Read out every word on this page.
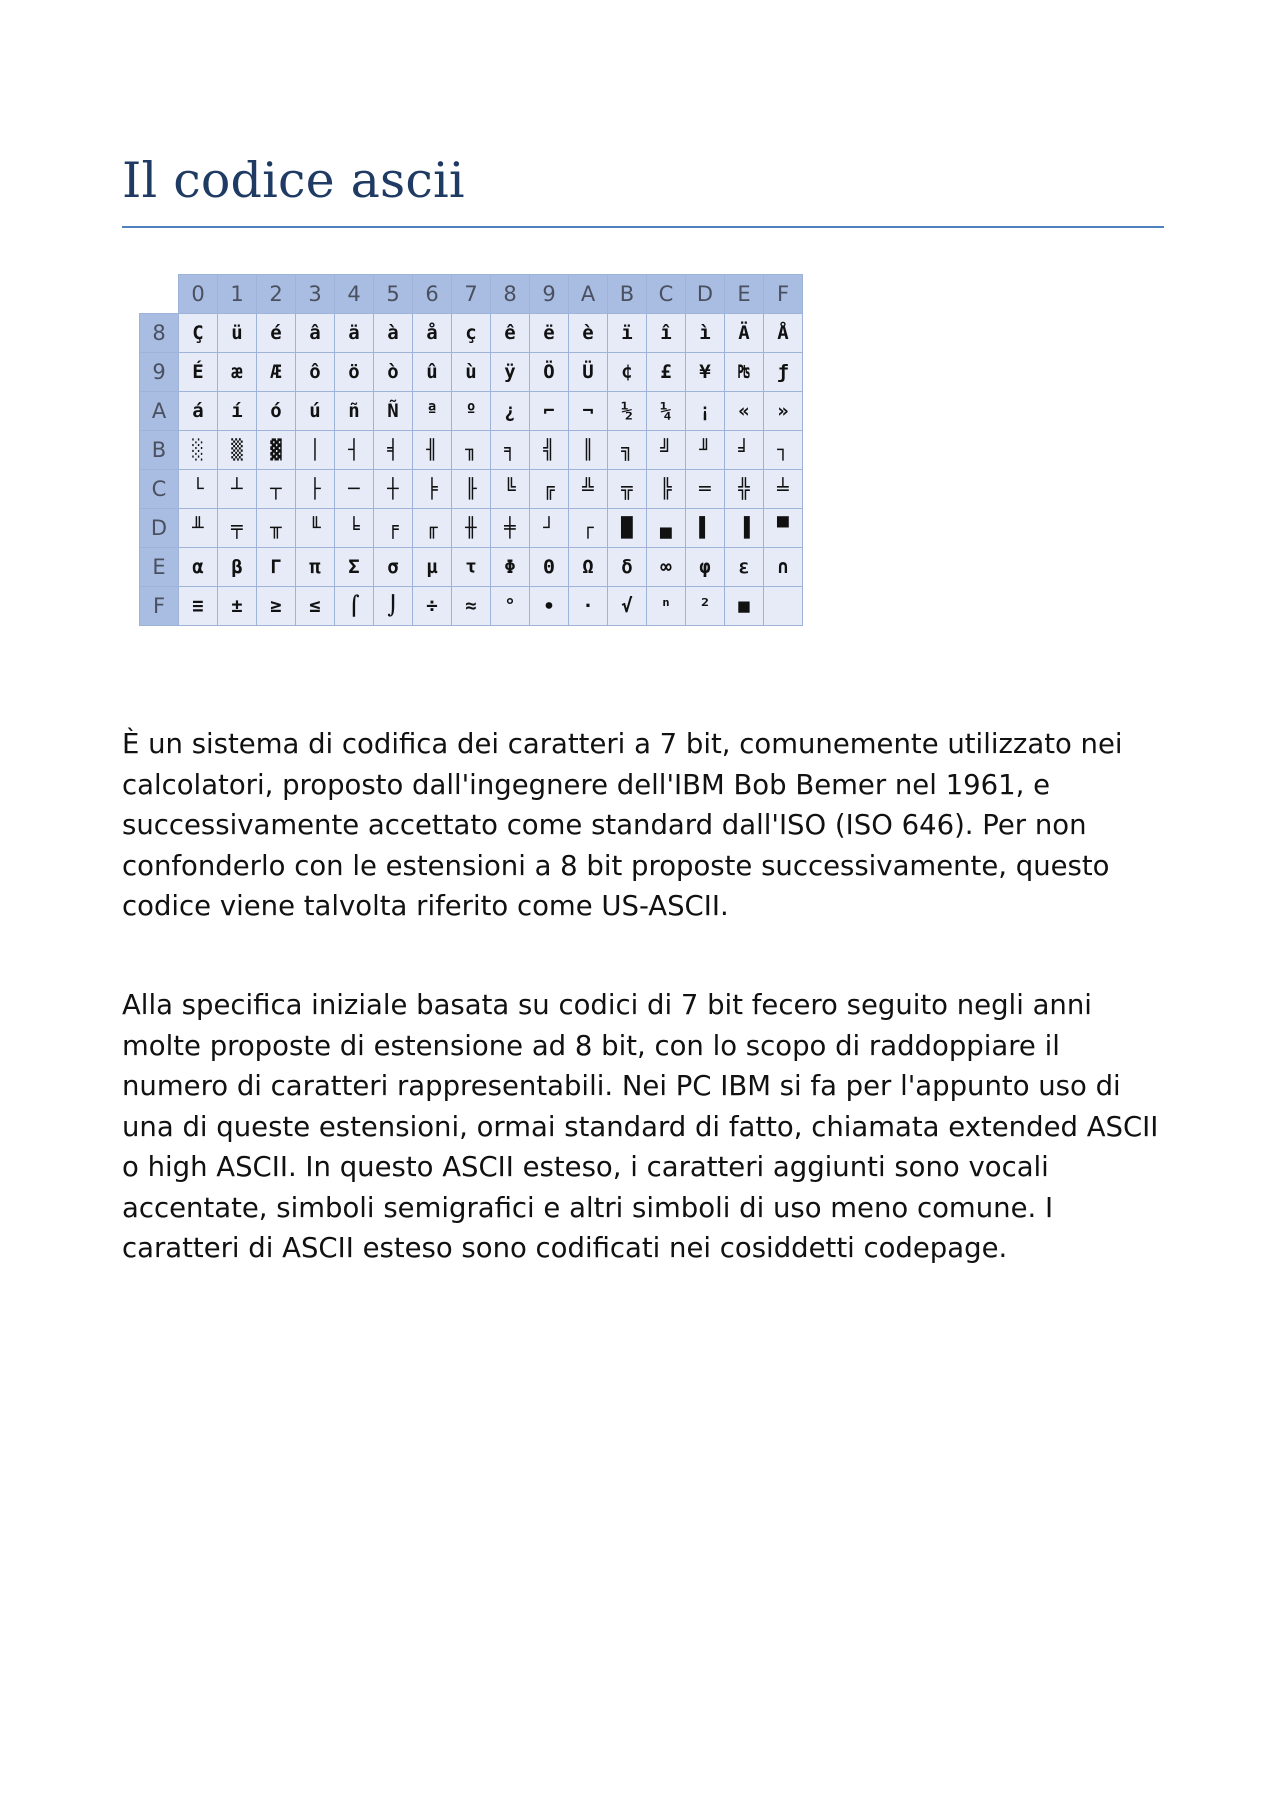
Il codice ascii
	0	1	2	3	4	5	6	7	8	9	A	B	C	D	E	F
8	Ç	ü	é	â	ä	à	å	ç	ê	ë	è	ï	î	ì	Ä	Å
9	É	æ	Æ	ô	ö	ò	û	ù	ÿ	Ö	Ü	¢	£	¥	₧	ƒ
A	á	í	ó	ú	ñ	Ñ	ª	º	¿	⌐	¬	½	¼	¡	«	»
B	░	▒	▓	│	┤	╡	╢	╖	╕	╣	║	╗	╝	╜	╛	┐
C	└	┴	┬	├	─	┼	╞	╟	╚	╔	╩	╦	╠	═	╬	╧
D	╨	╤	╥	╙	╘	╒	╓	╫	╪	┘	┌	█	▄	▌	▐	▀
E	α	β	Γ	π	Σ	σ	µ	τ	Φ	Θ	Ω	δ	∞	φ	ε	∩
F	≡	±	≥	≤	⌠	⌡	÷	≈	°	∙	·	√	ⁿ	²	■	

È un sistema di codifica dei caratteri a 7 bit, comunemente utilizzato nei calcolatori, proposto dall'ingegnere dell'IBM Bob Bemer nel 1961, e successivamente accettato come standard dall'ISO (ISO 646). Per non confonderlo con le estensioni a 8 bit proposte successivamente, questo codice viene talvolta riferito come US-ASCII.

Alla specifica iniziale basata su codici di 7 bit fecero seguito negli anni molte proposte di estensione ad 8 bit, con lo scopo di raddoppiare il numero di caratteri rappresentabili. Nei PC IBM si fa per l'appunto uso di una di queste estensioni, ormai standard di fatto, chiamata extended ASCII o high ASCII. In questo ASCII esteso, i caratteri aggiunti sono vocali accentate, simboli semigrafici e altri simboli di uso meno comune. I caratteri di ASCII esteso sono codificati nei cosiddetti codepage.
